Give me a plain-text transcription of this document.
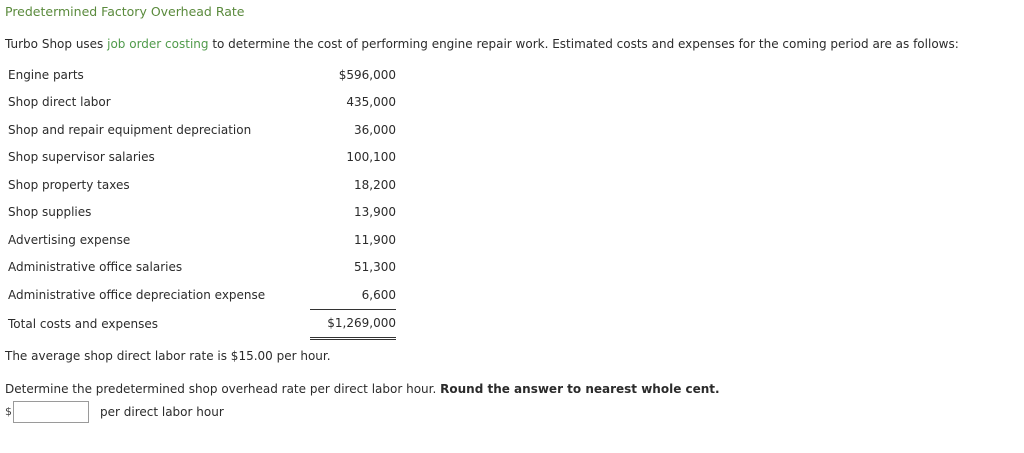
Predetermined Factory Overhead Rate
Turbo Shop uses job order costing to determine the cost of performing engine repair work. Estimated costs and expenses for the coming period are as follows:
Engine parts	$596,000
Shop direct labor	435,000
Shop and repair equipment depreciation	36,000
Shop supervisor salaries	100,100
Shop property taxes	18,200
Shop supplies	13,900
Advertising expense	11,900
Administrative office salaries	51,300
Administrative office depreciation expense	6,600
Total costs and expenses	$1,269,000
The average shop direct labor rate is $15.00 per hour.
Determine the predetermined shop overhead rate per direct labor hour. Round the answer to nearest whole cent.
$	per direct labor hour
